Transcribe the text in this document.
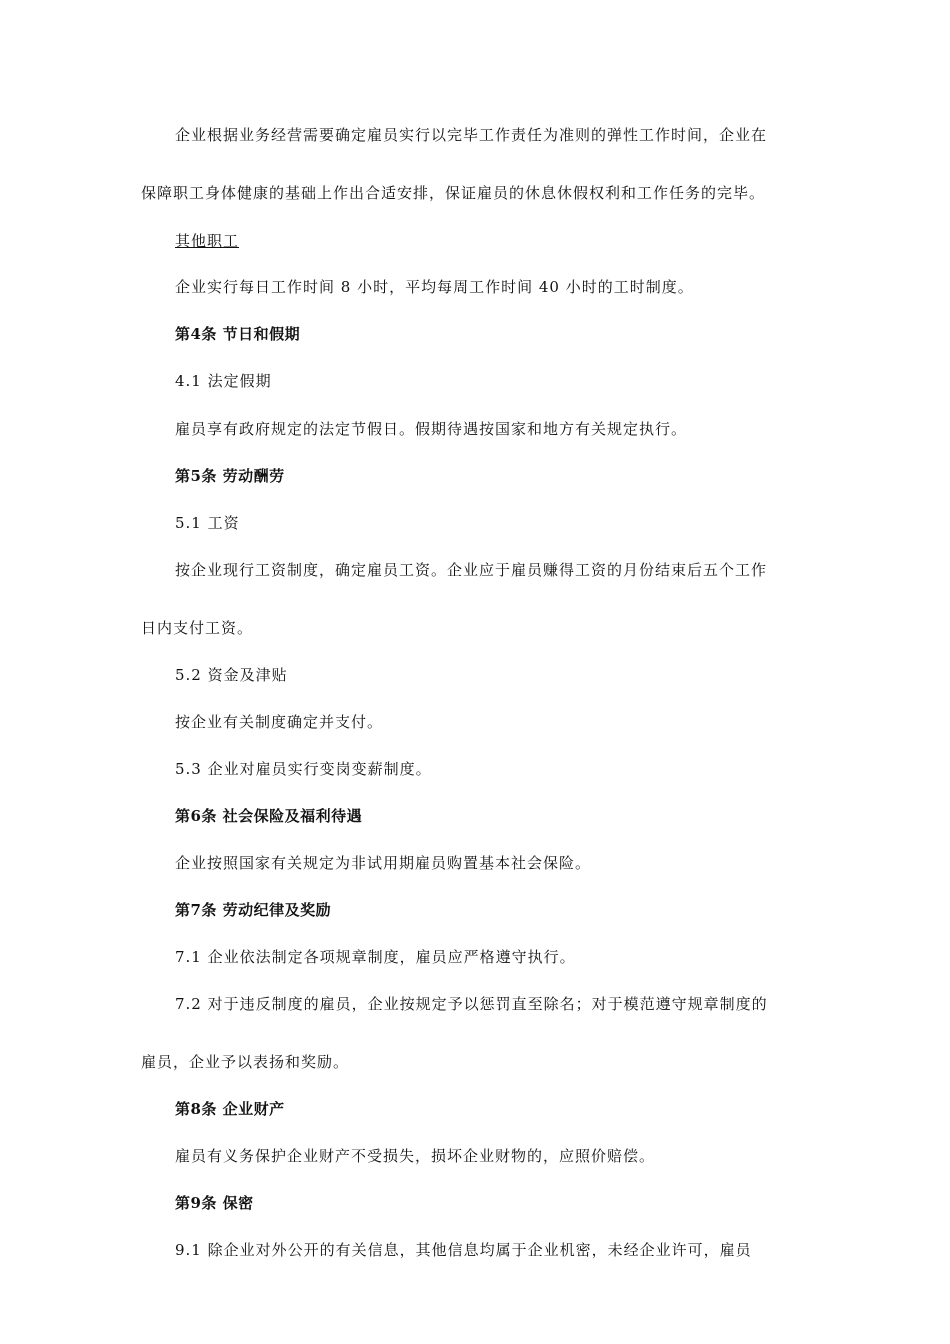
企业根据业务经营需要确定雇员实行以完毕工作责任为准则的弹性工作时间，企业在
保障职工身体健康的基础上作出合适安排，保证雇员的休息休假权利和工作任务的完毕。
其他职工
企业实行每日工作时间 8 小时，平均每周工作时间 40 小时的工时制度。
第4条 节日和假期
4.1 法定假期
雇员享有政府规定的法定节假日。假期待遇按国家和地方有关规定执行。
第5条 劳动酬劳
5.1 工资
按企业现行工资制度，确定雇员工资。企业应于雇员赚得工资的月份结束后五个工作
日内支付工资。
5.2 资金及津贴
按企业有关制度确定并支付。
5.3 企业对雇员实行变岗变薪制度。
第6条 社会保险及福利待遇
企业按照国家有关规定为非试用期雇员购置基本社会保险。
第7条 劳动纪律及奖励
7.1 企业依法制定各项规章制度，雇员应严格遵守执行。
7.2 对于违反制度的雇员，企业按规定予以惩罚直至除名；对于模范遵守规章制度的
雇员，企业予以表扬和奖励。
第8条 企业财产
雇员有义务保护企业财产不受损失，损坏企业财物的，应照价赔偿。
第9条 保密
9.1 除企业对外公开的有关信息，其他信息均属于企业机密，未经企业许可，雇员
